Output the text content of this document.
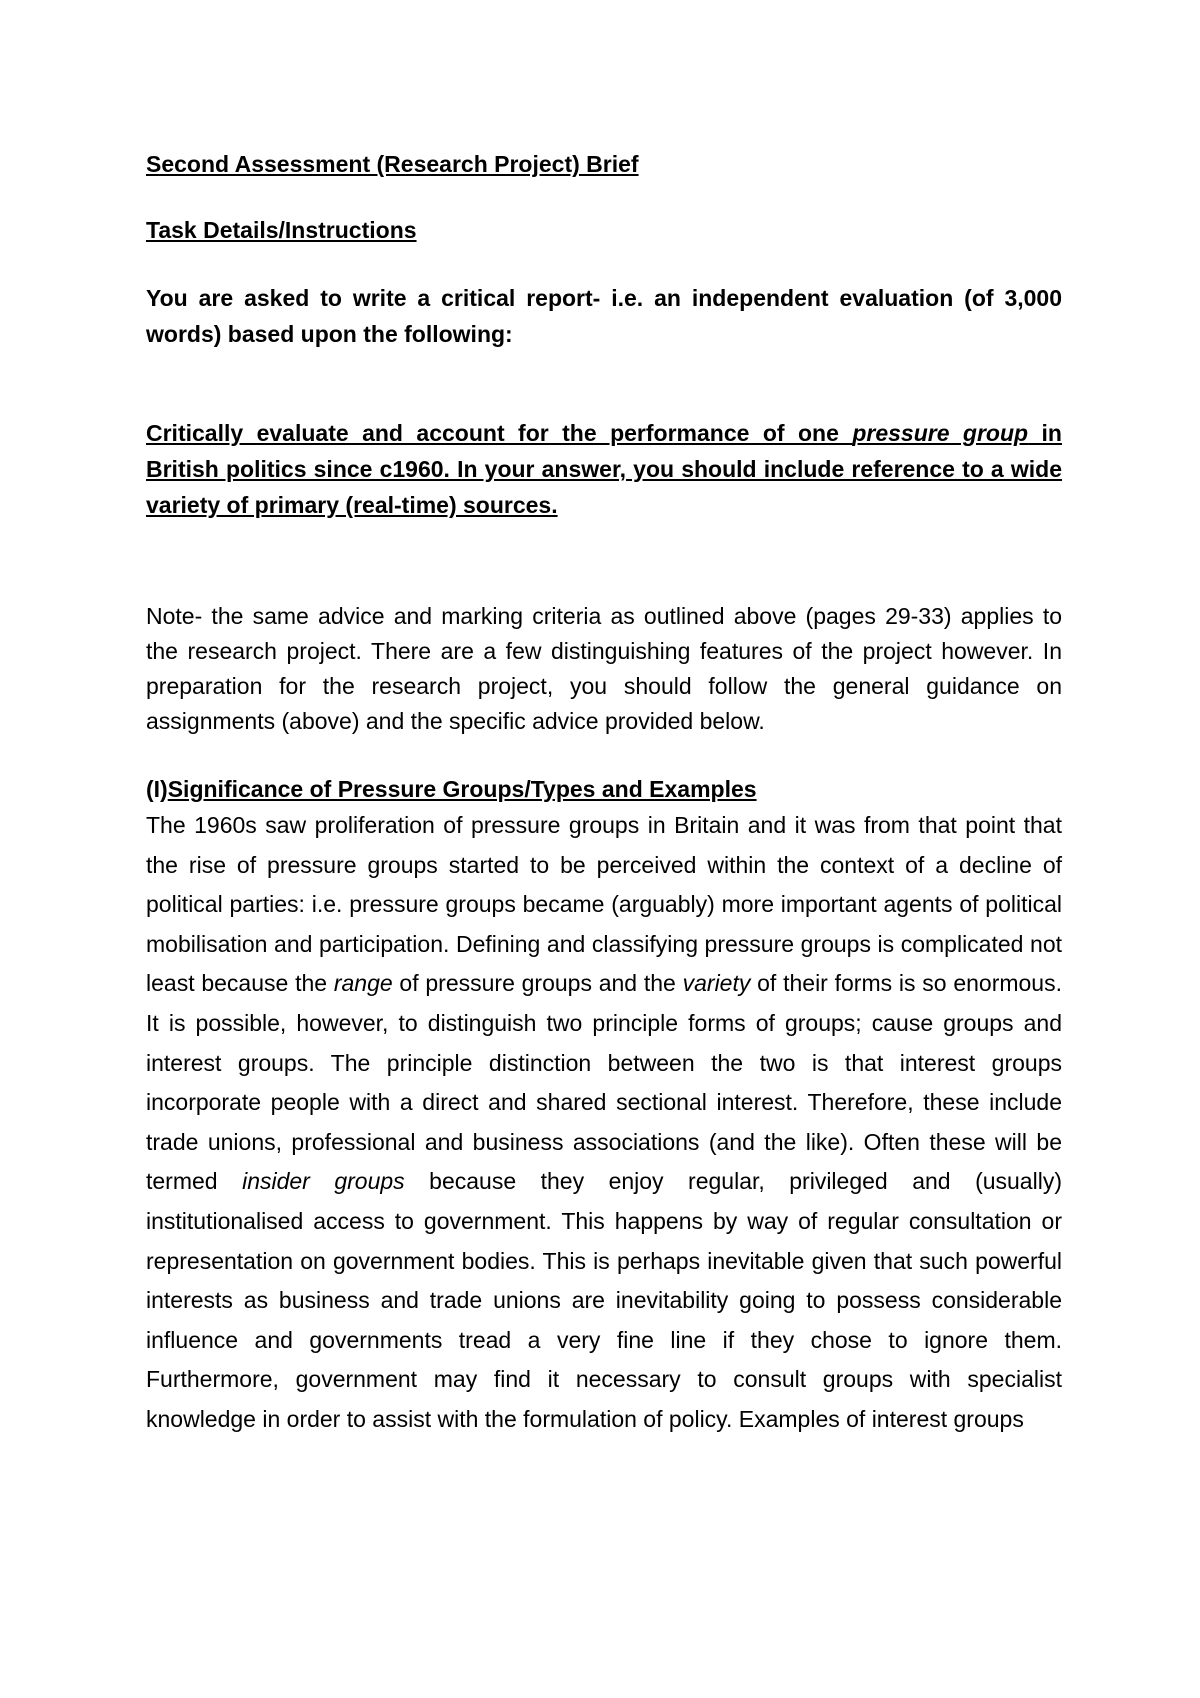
Second Assessment (Research Project) Brief

Task Details/Instructions

You are asked to write a critical report- i.e. an independent evaluation (of 3,000 words) based upon the following:

Critically evaluate and account for the performance of one pressure group in British politics since c1960. In your answer, you should include reference to a wide variety of primary (real-time) sources.

Note- the same advice and marking criteria as outlined above (pages 29-33) applies to the research project. There are a few distinguishing features of the project however. In preparation for the research project, you should follow the general guidance on assignments (above) and the specific advice provided below.

(I)Significance of Pressure Groups/Types and Examples

The 1960s saw proliferation of pressure groups in Britain and it was from that point that the rise of pressure groups started to be perceived within the context of a decline of political parties: i.e. pressure groups became (arguably) more important agents of political mobilisation and participation. Defining and classifying pressure groups is complicated not least because the range of pressure groups and the variety of their forms is so enormous. It is possible, however, to distinguish two principle forms of groups; cause groups and interest groups. The principle distinction between the two is that interest groups incorporate people with a direct and shared sectional interest. Therefore, these include trade unions, professional and business associations (and the like). Often these will be termed insider groups because they enjoy regular, privileged and (usually) institutionalised access to government. This happens by way of regular consultation or representation on government bodies. This is perhaps inevitable given that such powerful interests as business and trade unions are inevitability going to possess considerable influence and governments tread a very fine line if they chose to ignore them. Furthermore, government may find it necessary to consult groups with specialist knowledge in order to assist with the formulation of policy. Examples of interest groups
